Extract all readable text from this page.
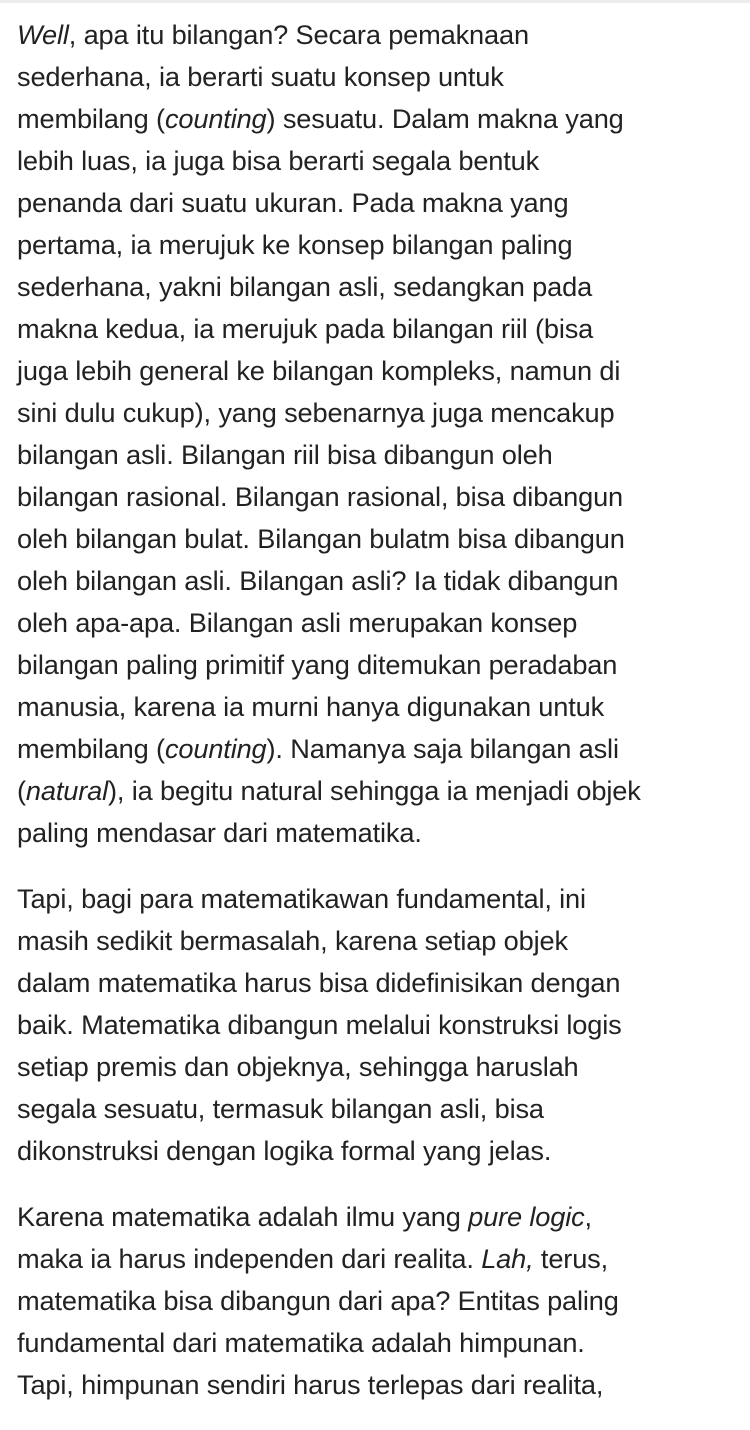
Well, apa itu bilangan? Secara pemaknaan
sederhana, ia berarti suatu konsep untuk
membilang (counting) sesuatu. Dalam makna yang
lebih luas, ia juga bisa berarti segala bentuk
penanda dari suatu ukuran. Pada makna yang
pertama, ia merujuk ke konsep bilangan paling
sederhana, yakni bilangan asli, sedangkan pada
makna kedua, ia merujuk pada bilangan riil (bisa
juga lebih general ke bilangan kompleks, namun di
sini dulu cukup), yang sebenarnya juga mencakup
bilangan asli. Bilangan riil bisa dibangun oleh
bilangan rasional. Bilangan rasional, bisa dibangun
oleh bilangan bulat. Bilangan bulatm bisa dibangun
oleh bilangan asli. Bilangan asli? Ia tidak dibangun
oleh apa-apa. Bilangan asli merupakan konsep
bilangan paling primitif yang ditemukan peradaban
manusia, karena ia murni hanya digunakan untuk
membilang (counting). Namanya saja bilangan asli
(natural), ia begitu natural sehingga ia menjadi objek
paling mendasar dari matematika.

Tapi, bagi para matematikawan fundamental, ini
masih sedikit bermasalah, karena setiap objek
dalam matematika harus bisa didefinisikan dengan
baik. Matematika dibangun melalui konstruksi logis
setiap premis dan objeknya, sehingga haruslah
segala sesuatu, termasuk bilangan asli, bisa
dikonstruksi dengan logika formal yang jelas.

Karena matematika adalah ilmu yang pure logic,
maka ia harus independen dari realita. Lah, terus,
matematika bisa dibangun dari apa? Entitas paling
fundamental dari matematika adalah himpunan.
Tapi, himpunan sendiri harus terlepas dari realita,
